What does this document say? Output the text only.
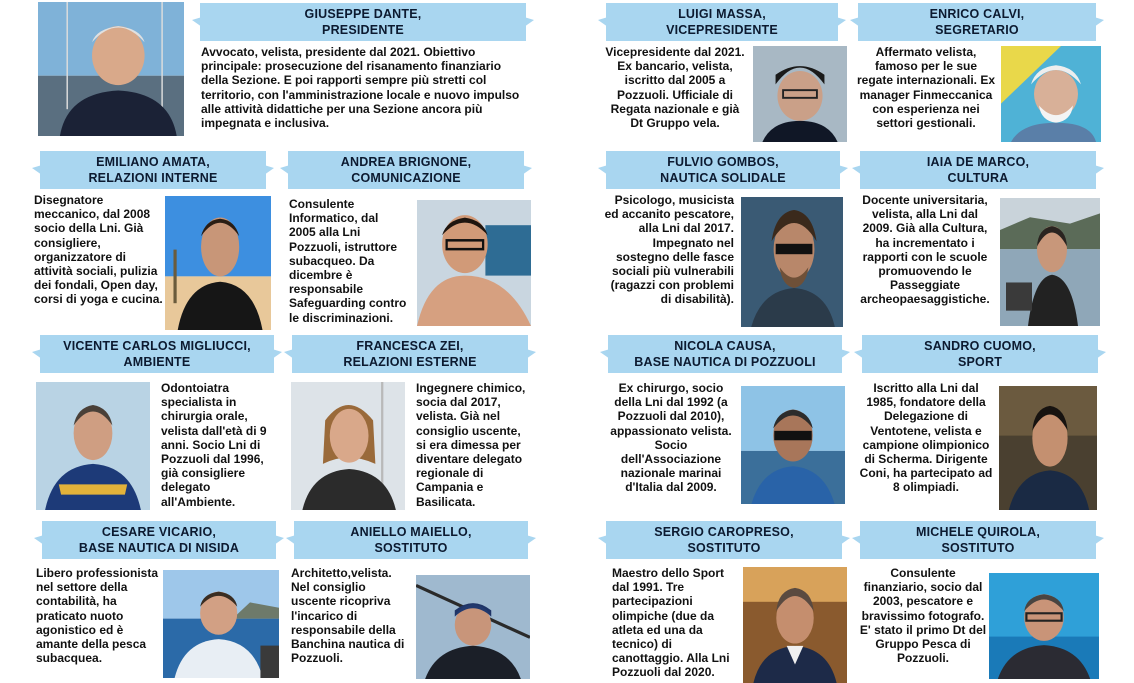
GIUSEPPE DANTE,
PRESIDENTE
Avvocato, velista, presidente dal 2021. Obiettivo principale: prosecuzione del risanamento finanziario della Sezione. E poi rapporti sempre più stretti col territorio, con l'amministrazione locale e nuovo impulso alle attività didattiche per una Sezione ancora più impegnata e inclusiva.
LUIGI MASSA,
VICEPRESIDENTE
Vicepresidente dal 2021. Ex bancario, velista, iscritto dal 2005 a Pozzuoli. Ufficiale di Regata nazionale e già Dt Gruppo vela.
ENRICO CALVI,
SEGRETARIO
Affermato velista, famoso per le sue regate internazionali. Ex manager Finmeccanica con esperienza nei settori gestionali.
EMILIANO AMATA,
RELAZIONI INTERNE
Disegnatore meccanico, dal 2008 socio della Lni. Già consigliere, organizzatore di attività sociali, pulizia dei fondali, Open day, corsi di yoga e cucina.
ANDREA BRIGNONE,
COMUNICAZIONE
Consulente Informatico, dal 2005 alla Lni Pozzuoli, istruttore subacqueo. Da dicembre è responsabile Safeguarding contro le discriminazioni.
FULVIO GOMBOS,
NAUTICA SOLIDALE
Psicologo, musicista ed accanito pescatore, alla Lni dal 2017. Impegnato nel sostegno delle fasce sociali più vulnerabili (ragazzi con problemi di disabilità).
IAIA DE MARCO,
CULTURA
Docente universitaria, velista, alla Lni dal 2009. Già alla Cultura, ha incrementato i rapporti con le scuole promuovendo le Passeggiate archeopaesaggistiche.
VICENTE CARLOS MIGLIUCCI,
AMBIENTE
Odontoiatra specialista in chirurgia orale, velista dall'età di 9 anni. Socio Lni di Pozzuoli dal 1996, già consigliere delegato all'Ambiente.
FRANCESCA ZEI,
RELAZIONI ESTERNE
Ingegnere chimico, socia dal 2017, velista. Già nel consiglio uscente, si era dimessa per diventare delegato regionale di Campania e Basilicata.
NICOLA CAUSA,
BASE NAUTICA DI POZZUOLI
Ex chirurgo, socio della Lni dal 1992 (a Pozzuoli dal 2010), appassionato velista. Socio dell'Associazione nazionale marinai d'Italia dal 2009.
SANDRO CUOMO,
SPORT
Iscritto alla Lni dal 1985, fondatore della Delegazione di Ventotene, velista e campione olimpionico di Scherma. Dirigente Coni, ha partecipato ad 8 olimpiadi.
CESARE VICARIO,
BASE NAUTICA DI NISIDA
Libero professionista nel settore della contabilità, ha praticato nuoto agonistico ed è amante della pesca subacquea.
ANIELLO MAIELLO,
SOSTITUTO
Architetto,velista. Nel consiglio uscente ricopriva l'incarico di responsabile della Banchina nautica di Pozzuoli.
SERGIO CAROPRESO,
SOSTITUTO
Maestro dello Sport dal 1991. Tre partecipazioni olimpiche (due da atleta ed una da tecnico) di canottaggio. Alla Lni Pozzuoli dal 2020.
MICHELE QUIROLA,
SOSTITUTO
Consulente finanziario, socio dal 2003, pescatore e bravissimo fotografo. E' stato il primo Dt del Gruppo Pesca di Pozzuoli.
